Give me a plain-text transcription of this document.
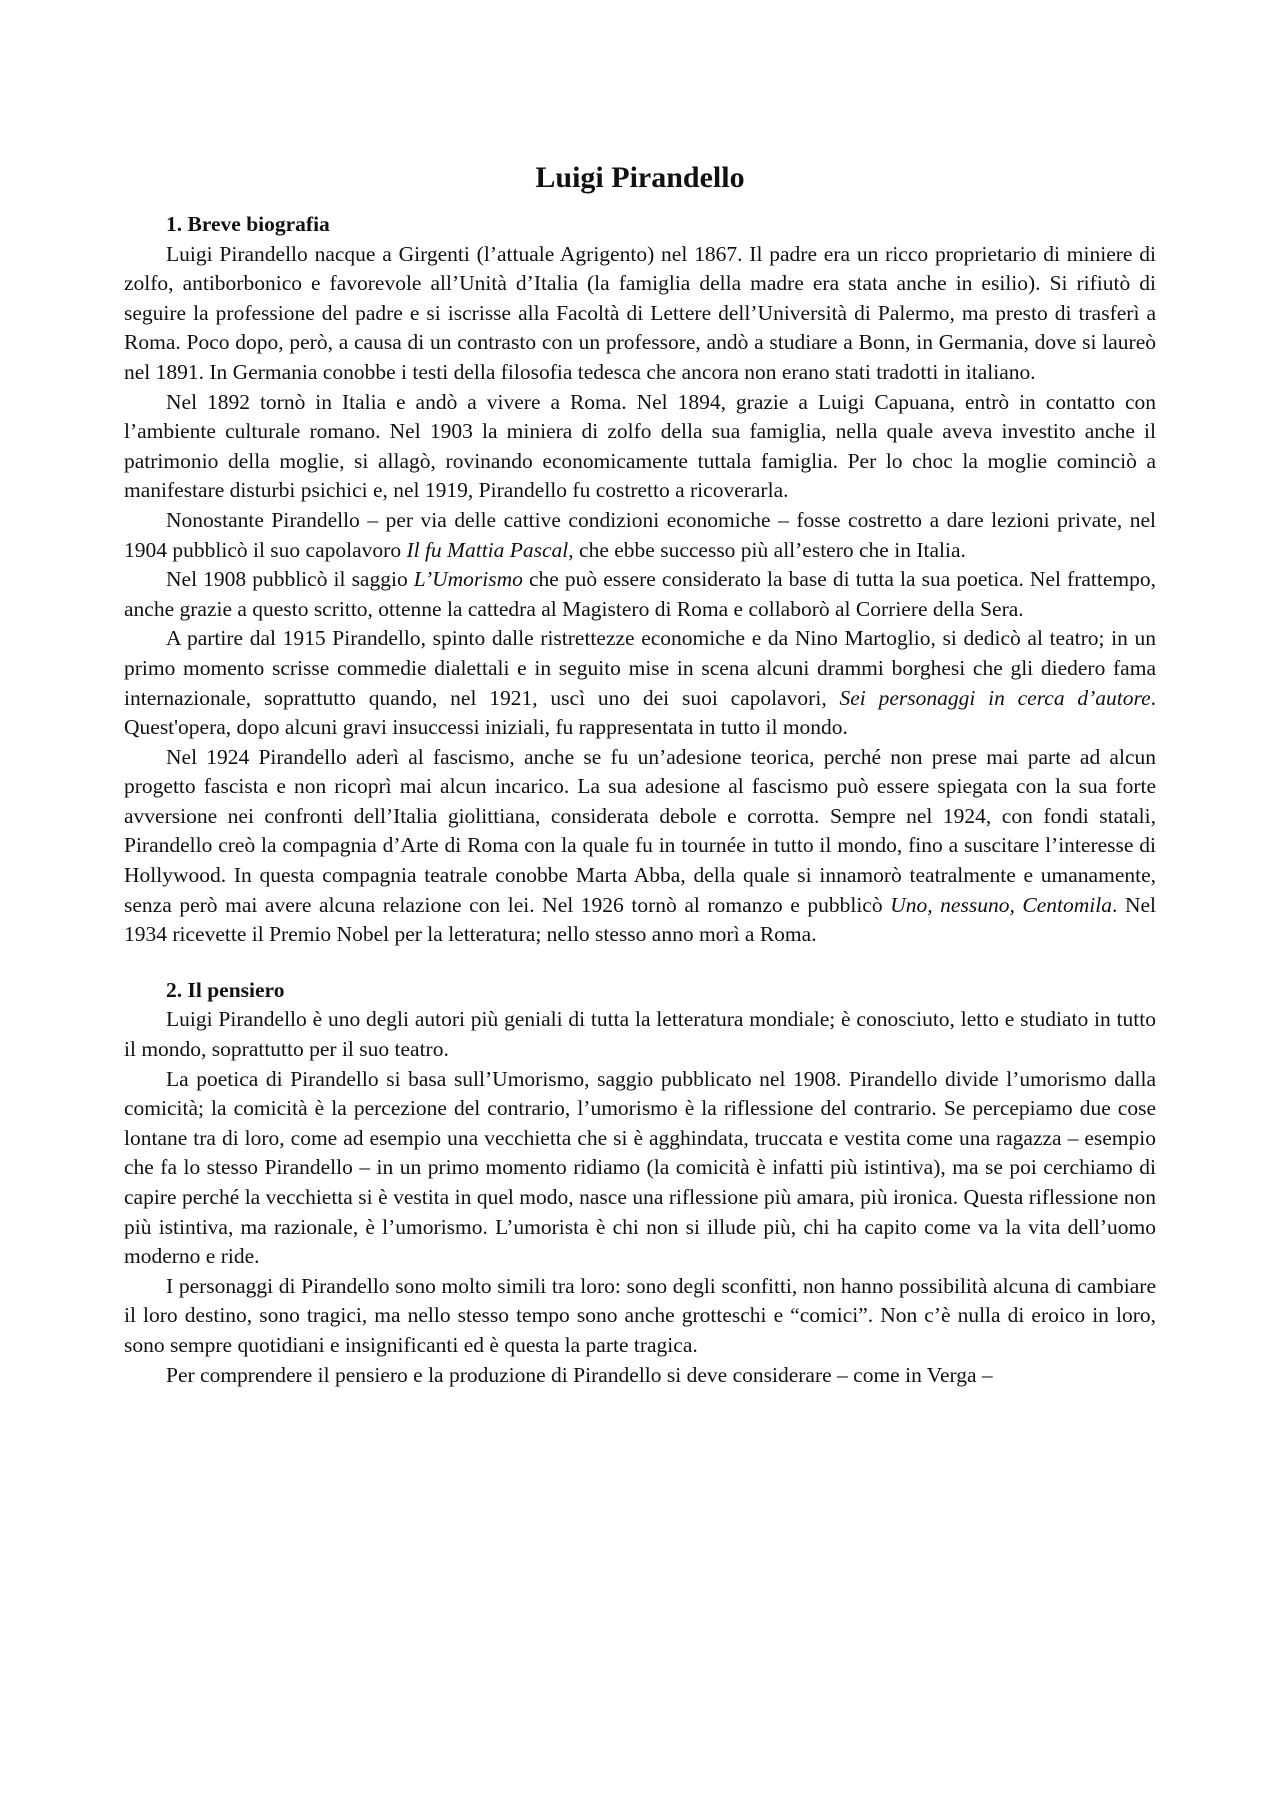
Luigi Pirandello
1. Breve biografia

Luigi Pirandello nacque a Girgenti (l’attuale Agrigento) nel 1867. Il padre era un ricco proprietario di miniere di zolfo, antiborbonico e favorevole all’Unità d’Italia (la famiglia della madre era stata anche in esilio). Si rifiutò di seguire la professione del padre e si iscrisse alla Facoltà di Lettere dell’Università di Palermo, ma presto di trasferì a Roma. Poco dopo, però, a causa di un contrasto con un professore, andò a studiare a Bonn, in Germania, dove si laureò nel 1891. In Germania conobbe i testi della filosofia tedesca che ancora non erano stati tradotti in italiano.

Nel 1892 tornò in Italia e andò a vivere a Roma. Nel 1894, grazie a Luigi Capuana, entrò in contatto con l’ambiente culturale romano. Nel 1903 la miniera di zolfo della sua famiglia, nella quale aveva investito anche il patrimonio della moglie, si allagò, rovinando economicamente tuttala famiglia. Per lo choc la moglie cominciò a manifestare disturbi psichici e, nel 1919, Pirandello fu costretto a ricoverarla.

Nonostante Pirandello – per via delle cattive condizioni economiche – fosse costretto a dare lezioni private, nel 1904 pubblicò il suo capolavoro Il fu Mattia Pascal, che ebbe successo più all’estero che in Italia.

Nel 1908 pubblicò il saggio L’Umorismo che può essere considerato la base di tutta la sua poetica. Nel frattempo, anche grazie a questo scritto, ottenne la cattedra al Magistero di Roma e collaborò al Corriere della Sera.

A partire dal 1915 Pirandello, spinto dalle ristrettezze economiche e da Nino Martoglio, si dedicò al teatro; in un primo momento scrisse commedie dialettali e in seguito mise in scena alcuni drammi borghesi che gli diedero fama internazionale, soprattutto quando, nel 1921, uscì uno dei suoi capolavori, Sei personaggi in cerca d’autore. Quest'opera, dopo alcuni gravi insuccessi iniziali, fu rappresentata in tutto il mondo.

Nel 1924 Pirandello aderì al fascismo, anche se fu un’adesione teorica, perché non prese mai parte ad alcun progetto fascista e non ricoprì mai alcun incarico. La sua adesione al fascismo può essere spiegata con la sua forte avversione nei confronti dell’Italia giolittiana, considerata debole e corrotta. Sempre nel 1924, con fondi statali, Pirandello creò la compagnia d’Arte di Roma con la quale fu in tournée in tutto il mondo, fino a suscitare l’interesse di Hollywood. In questa compagnia teatrale conobbe Marta Abba, della quale si innamorò teatralmente e umanamente, senza però mai avere alcuna relazione con lei. Nel 1926 tornò al romanzo e pubblicò Uno, nessuno, Centomila. Nel 1934 ricevette il Premio Nobel per la letteratura; nello stesso anno morì a Roma.

2. Il pensiero

Luigi Pirandello è uno degli autori più geniali di tutta la letteratura mondiale; è conosciuto, letto e studiato in tutto il mondo, soprattutto per il suo teatro.

La poetica di Pirandello si basa sull’Umorismo, saggio pubblicato nel 1908. Pirandello divide l’umorismo dalla comicità; la comicità è la percezione del contrario, l’umorismo è la riflessione del contrario. Se percepiamo due cose lontane tra di loro, come ad esempio una vecchietta che si è agghindata, truccata e vestita come una ragazza – esempio che fa lo stesso Pirandello – in un primo momento ridiamo (la comicità è infatti più istintiva), ma se poi cerchiamo di capire perché la vecchietta si è vestita in quel modo, nasce una riflessione più amara, più ironica. Questa riflessione non più istintiva, ma razionale, è l’umorismo. L’umorista è chi non si illude più, chi ha capito come va la vita dell’uomo moderno e ride.

I personaggi di Pirandello sono molto simili tra loro: sono degli sconfitti, non hanno possibilità alcuna di cambiare il loro destino, sono tragici, ma nello stesso tempo sono anche grotteschi e “comici”. Non c’è nulla di eroico in loro, sono sempre quotidiani e insignificanti ed è questa la parte tragica.

Per comprendere il pensiero e la produzione di Pirandello si deve considerare – come in Verga –
